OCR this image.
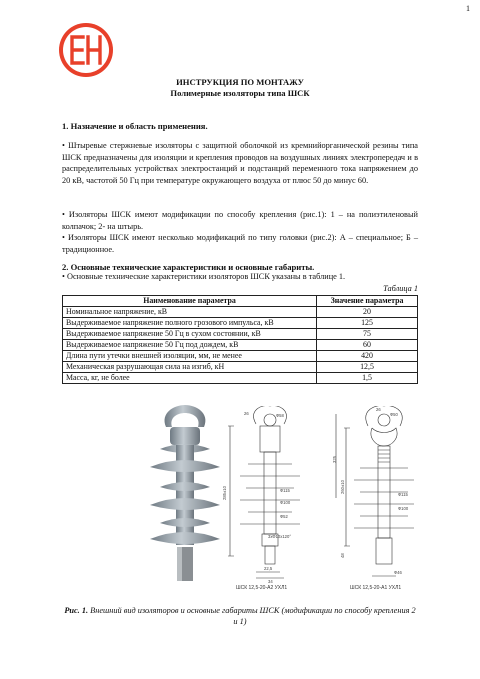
1
ИНСТРУКЦИЯ ПО МОНТАЖУ
Полимерные изоляторы типа ШСК
1. Назначение и область применения.
• Штыревые стержневые изоляторы с защитной оболочкой из кремнийорганической резины типа ШСК предназначены для изоляции и крепления проводов на воздушных линиях электропередач и в распределительных устройствах электростанций и подстанций переменного тока напряжением до 20 кВ, частотой 50 Гц при температуре окружающего воздуха от плюс 50 до минус 60.
• Изоляторы ШСК имеют модификации по способу крепления (рис.1): 1 – на полиэтиленовый колпачок; 2- на штырь.
• Изоляторы ШСК имеют несколько модификаций по типу головки (рис.2): А – специальное; Б – традиционное.
2. Основные технические характеристики и основные габариты.
• Основные технические характеристики изоляторов ШСК указаны в таблице 1.
Таблица 1
Наименование параметра	Значение параметра
Номинальное напряжение, кВ	20
Выдерживаемое напряжение полного грозового импульса, кВ	125
Выдерживаемое напряжение 50 Гц в сухом состоянии, кВ	75
Выдерживаемое напряжение 50 Гц под дождем, кВ	60
Длина пути утечки внешней изоляции, мм, не менее	420
Механическая разрушающая сила на изгиб, кН	12,5
Масса, кг, не более	1,5
26	Ф58
Ф115
Ф100
Ф52
285±10
3хФ10х120°
22,5
34
26
Ф50
Ф115
Ф100
325
260±10
48
Ф46
ШСК 12,5-20-А2 УХЛ1	ШСК 12,5-20-А1 УХЛ1
Рис. 1. Внешний вид изоляторов и основные габариты ШСК (модификации по способу крепления 2 и 1)
